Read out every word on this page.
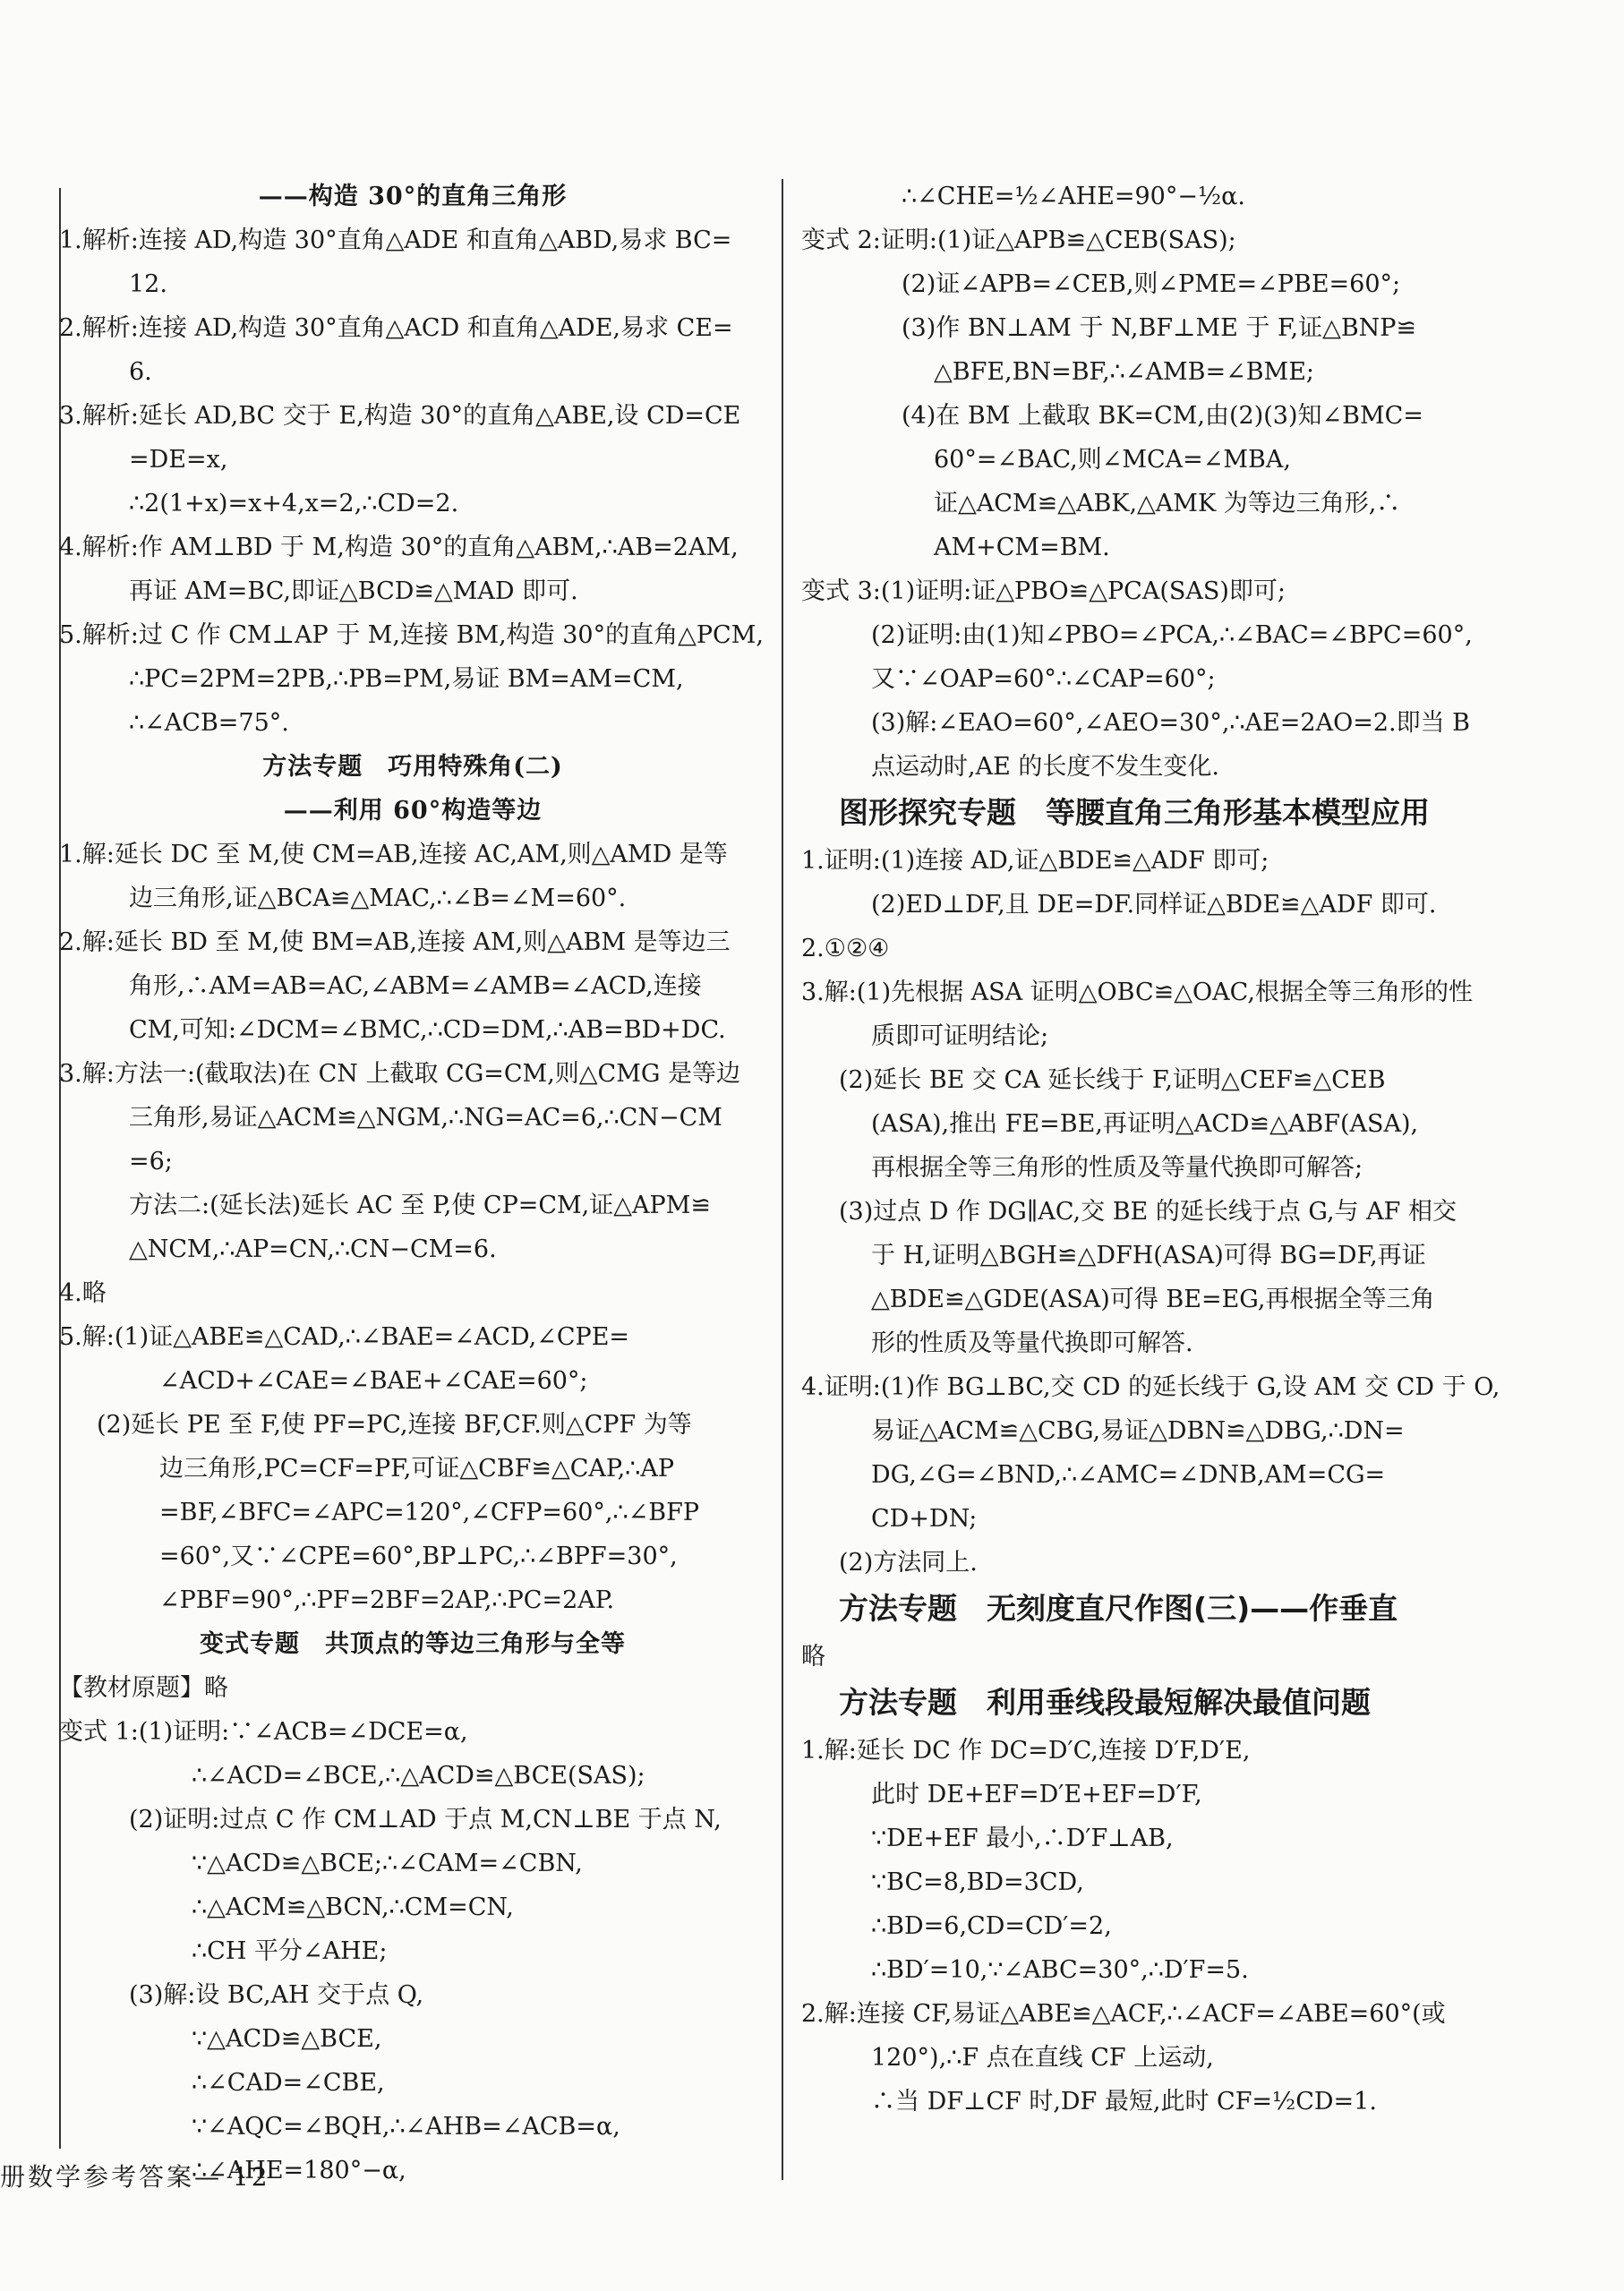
——构造 30°的直角三角形
1.解析:连接 AD,构造 30°直角△ADE 和直角△ABD,易求 BC=
12.
2.解析:连接 AD,构造 30°直角△ACD 和直角△ADE,易求 CE=
6.
3.解析:延长 AD,BC 交于 E,构造 30°的直角△ABE,设 CD=CE
=DE=x,
∴2(1+x)=x+4,x=2,∴CD=2.
4.解析:作 AM⊥BD 于 M,构造 30°的直角△ABM,∴AB=2AM,
再证 AM=BC,即证△BCD≌△MAD 即可.
5.解析:过 C 作 CM⊥AP 于 M,连接 BM,构造 30°的直角△PCM,
∴PC=2PM=2PB,∴PB=PM,易证 BM=AM=CM,
∴∠ACB=75°.
方法专题　巧用特殊角(二)
——利用 60°构造等边
1.解:延长 DC 至 M,使 CM=AB,连接 AC,AM,则△AMD 是等
边三角形,证△BCA≌△MAC,∴∠B=∠M=60°.
2.解:延长 BD 至 M,使 BM=AB,连接 AM,则△ABM 是等边三
角形,∴AM=AB=AC,∠ABM=∠AMB=∠ACD,连接
CM,可知:∠DCM=∠BMC,∴CD=DM,∴AB=BD+DC.
3.解:方法一:(截取法)在 CN 上截取 CG=CM,则△CMG 是等边
三角形,易证△ACM≌△NGM,∴NG=AC=6,∴CN−CM
=6;
方法二:(延长法)延长 AC 至 P,使 CP=CM,证△APM≌
△NCM,∴AP=CN,∴CN−CM=6.
4.略
5.解:(1)证△ABE≌△CAD,∴∠BAE=∠ACD,∠CPE=
∠ACD+∠CAE=∠BAE+∠CAE=60°;
(2)延长 PE 至 F,使 PF=PC,连接 BF,CF.则△CPF 为等
边三角形,PC=CF=PF,可证△CBF≌△CAP,∴AP
=BF,∠BFC=∠APC=120°,∠CFP=60°,∴∠BFP
=60°,又∵∠CPE=60°,BP⊥PC,∴∠BPF=30°,
∠PBF=90°,∴PF=2BF=2AP,∴PC=2AP.
变式专题　共顶点的等边三角形与全等
【教材原题】略
变式 1:(1)证明:∵∠ACB=∠DCE=α,
∴∠ACD=∠BCE,∴△ACD≌△BCE(SAS);
(2)证明:过点 C 作 CM⊥AD 于点 M,CN⊥BE 于点 N,
∵△ACD≌△BCE;∴∠CAM=∠CBN,
∴△ACM≌△BCN,∴CM=CN,
∴CH 平分∠AHE;
(3)解:设 BC,AH 交于点 Q,
∵△ACD≌△BCE,
∴∠CAD=∠CBE,
∵∠AQC=∠BQH,∴∠AHB=∠ACB=α,
∴∠AHE=180°−α,
∴∠CHE=½∠AHE=90°−½α.
变式 2:证明:(1)证△APB≌△CEB(SAS);
(2)证∠APB=∠CEB,则∠PME=∠PBE=60°;
(3)作 BN⊥AM 于 N,BF⊥ME 于 F,证△BNP≌
△BFE,BN=BF,∴∠AMB=∠BME;
(4)在 BM 上截取 BK=CM,由(2)(3)知∠BMC=
60°=∠BAC,则∠MCA=∠MBA,
证△ACM≌△ABK,△AMK 为等边三角形,∴
AM+CM=BM.
变式 3:(1)证明:证△PBO≌△PCA(SAS)即可;
(2)证明:由(1)知∠PBO=∠PCA,∴∠BAC=∠BPC=60°,
又∵∠OAP=60°∴∠CAP=60°;
(3)解:∠EAO=60°,∠AEO=30°,∴AE=2AO=2.即当 B
点运动时,AE 的长度不发生变化.
图形探究专题　等腰直角三角形基本模型应用
1.证明:(1)连接 AD,证△BDE≌△ADF 即可;
(2)ED⊥DF,且 DE=DF.同样证△BDE≌△ADF 即可.
2.①②④
3.解:(1)先根据 ASA 证明△OBC≌△OAC,根据全等三角形的性
质即可证明结论;
(2)延长 BE 交 CA 延长线于 F,证明△CEF≌△CEB
(ASA),推出 FE=BE,再证明△ACD≌△ABF(ASA),
再根据全等三角形的性质及等量代换即可解答;
(3)过点 D 作 DG∥AC,交 BE 的延长线于点 G,与 AF 相交
于 H,证明△BGH≌△DFH(ASA)可得 BG=DF,再证
△BDE≌△GDE(ASA)可得 BE=EG,再根据全等三角
形的性质及等量代换即可解答.
4.证明:(1)作 BG⊥BC,交 CD 的延长线于 G,设 AM 交 CD 于 O,
易证△ACM≌△CBG,易证△DBN≌△DBG,∴DN=
DG,∠G=∠BND,∴∠AMC=∠DNB,AM=CG=
CD+DN;
(2)方法同上.
方法专题　无刻度直尺作图(三)——作垂直
略
方法专题　利用垂线段最短解决最值问题
1.解:延长 DC 作 DC=D′C,连接 D′F,D′E,
此时 DE+EF=D′E+EF=D′F,
∵DE+EF 最小,∴D′F⊥AB,
∵BC=8,BD=3CD,
∴BD=6,CD=CD′=2,
∴BD′=10,∵∠ABC=30°,∴D′F=5.
2.解:连接 CF,易证△ABE≌△ACF,∴∠ACF=∠ABE=60°(或
120°),∴F 点在直线 CF 上运动,
∴当 DF⊥CF 时,DF 最短,此时 CF=½CD=1.
册数学参考答案— 12
